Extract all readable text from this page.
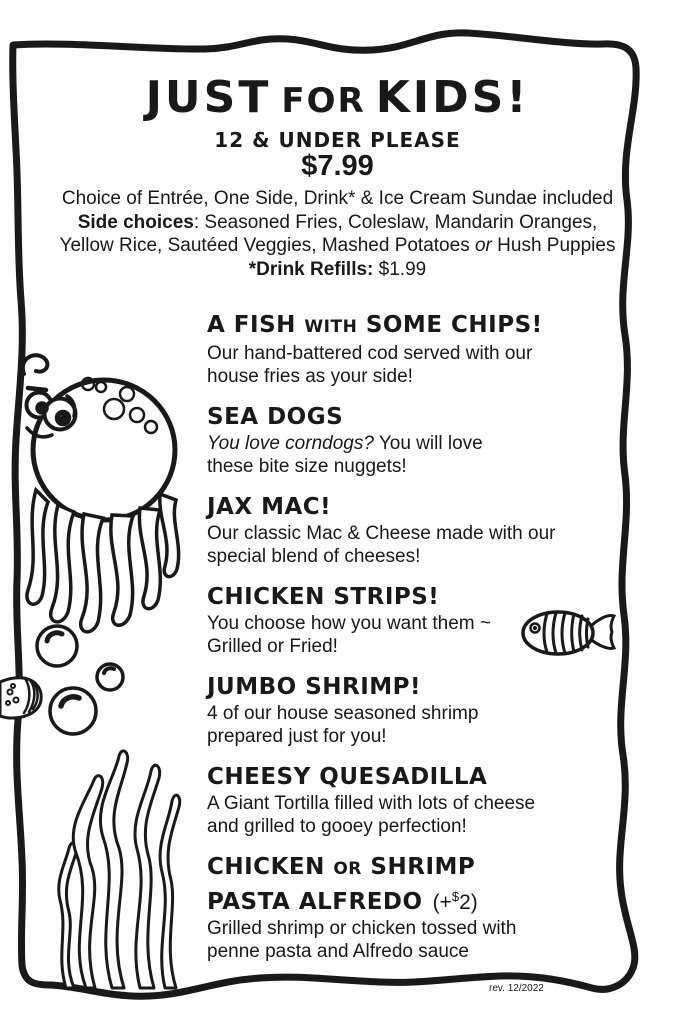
JUST FOR KIDS!
12 & UNDER PLEASE
$7.99
Choice of Entrée, One Side, Drink* & Ice Cream Sundae included
Side choices: Seasoned Fries, Coleslaw, Mandarin Oranges,
Yellow Rice, Sautéed Veggies, Mashed Potatoes or Hush Puppies
*Drink Refills: $1.99
A FISH WITH SOME CHIPS!

Our hand-battered cod served with our
house fries as your side!

SEA DOGS

You love corndogs? You will love
these bite size nuggets!

JAX MAC!

Our classic Mac & Cheese made with our
special blend of cheeses!

CHICKEN STRIPS!

You choose how you want them ~
Grilled or Fried!

JUMBO SHRIMP!

4 of our house seasoned shrimp
prepared just for you!

CHEESY QUESADILLA

A Giant Tortilla filled with lots of cheese
and grilled to gooey perfection!

CHICKEN OR SHRIMP
PASTA ALFREDO (+$2)

Grilled shrimp or chicken tossed with
penne pasta and Alfredo sauce

rev. 12/2022
